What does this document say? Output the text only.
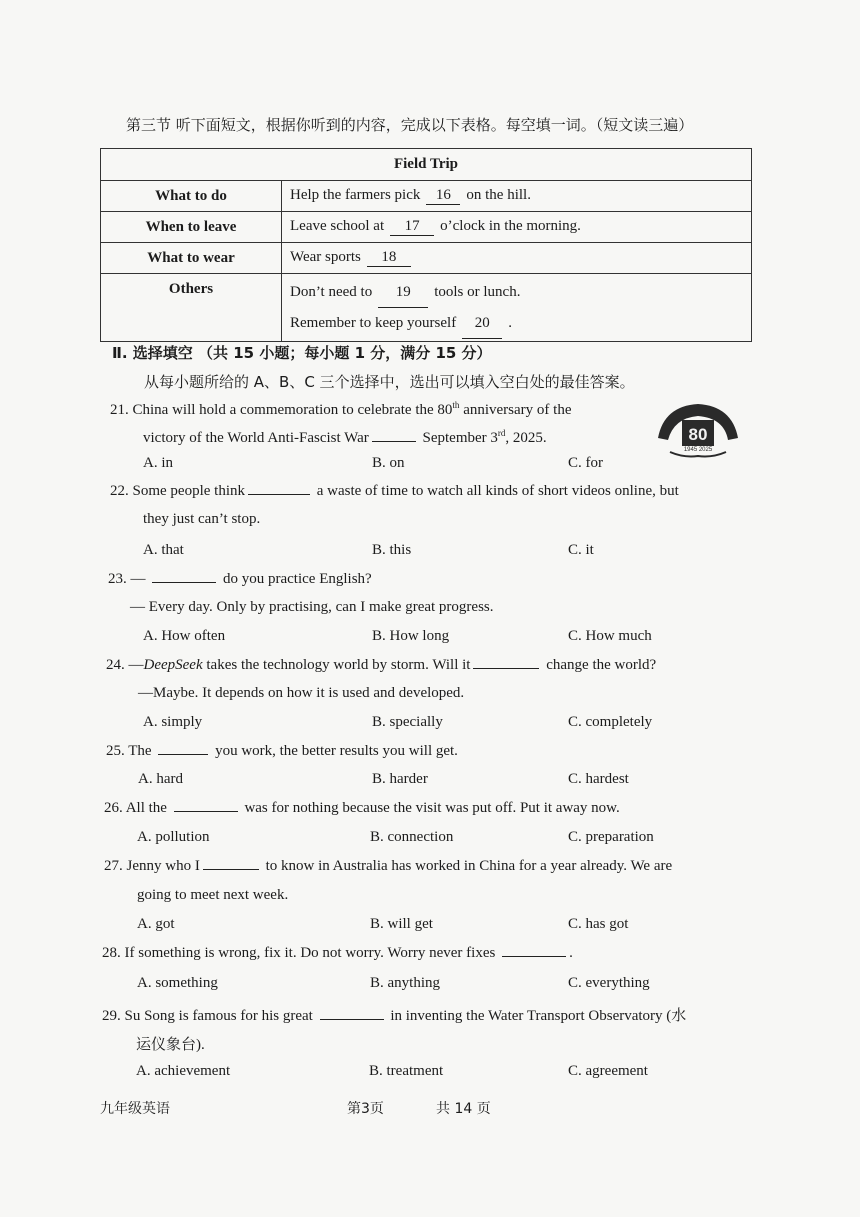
第三节 听下面短文，根据你听到的内容，完成以下表格。每空填一词。（短文读三遍）
Field Trip	
What to do	Help the farmers pick 16 on the hill.
When to leave	Leave school at 17 o’clock in the morning.
What to wear	Wear sports 18
Others	Don’t need to 19 tools or lunch.
Remember to keep yourself 20 .
Ⅱ. 选择填空 （共 15 小题；每小题 1 分，满分 15 分）
从每小题所给的 A、B、C 三个选择中，选出可以填入空白处的最佳答案。
80
1945 2025
21. China will hold a commemoration to celebrate the 80th anniversary of the
victory of the World Anti-Fascist War	September 3rd, 2025.
A. in	B. on	C. for
22. Some people think	a waste of time to watch all kinds of short videos online, but
they just can’t stop.
A. that	B. this	C. it
23. —	do you practice English?
— Every day. Only by practising, can I make great progress.
A. How often	B. How long	C. How much
24. —DeepSeek takes the technology world by storm. Will it	change the world?
—Maybe. It depends on how it is used and developed.
A. simply	B. specially	C. completely
25. The	you work, the better results you will get.
A. hard	B. harder	C. hardest
26. All the	was for nothing because the visit was put off. Put it away now.
A. pollution	B. connection	C. preparation
27. Jenny who I	to know in Australia has worked in China for a year already. We are
going to meet next week.
A. got	B. will get	C. has got
28. If something is wrong, fix it. Do not worry. Worry never fixes	.
A. something	B. anything	C. everything
29. Su Song is famous for his great	in inventing the Water Transport Observatory (水
运仪象台).
A. achievement	B. treatment	C. agreement
九年级英语	第3页	共 14 页
